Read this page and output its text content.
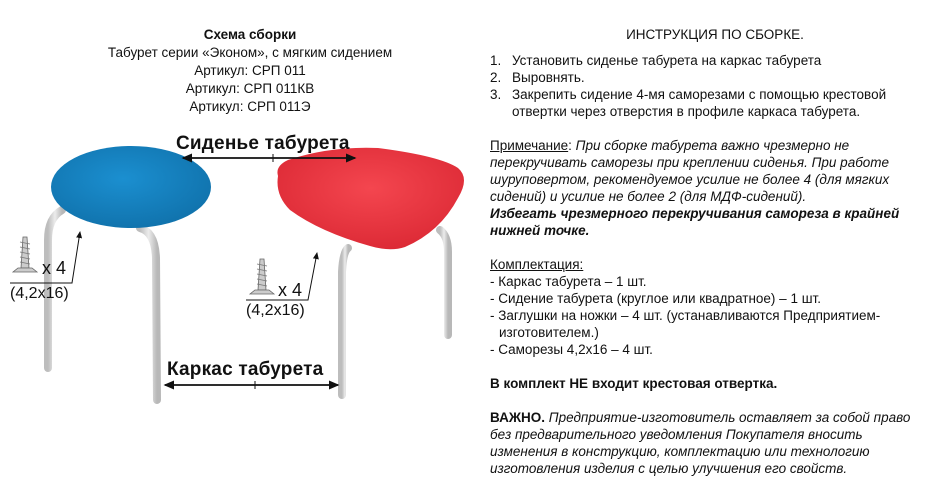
Схема сборки
Табурет серии «Эконом», с мягким сидением
Артикул: СРП 011
Артикул: СРП 011КВ
Артикул: СРП 011Э
Сиденье табурета
Каркас табурета
x 4
(4,2x16)	x 4
(4,2x16)
ИНСТРУКЦИЯ ПО СБОРКЕ.
1. Установить сиденье табурета на каркас табурета
2. Выровнять.
3. Закрепить сидение 4-мя саморезами с помощью крестовой отвертки через отверстия в профиле каркаса табурета.
Примечание: При сборке табурета важно чрезмерно не перекручивать саморезы при креплении сиденья. При работе шуруповертом, рекомендуемое усилие не более 4 (для мягких сидений) и усилие не более 2 (для МДФ-сидений).
Избегать чрезмерного перекручивания самореза в крайней нижней точке.
Комплектация:
- Каркас табурета – 1 шт.
- Сидение табурета (круглое или квадратное) – 1 шт.
- Заглушки на ножки – 4 шт. (устанавливаются Предприятием-
изготовителем.)
- Саморезы 4,2х16 – 4 шт.
В комплект НЕ входит крестовая отвертка.
ВАЖНО. Предприятие-изготовитель оставляет за собой право без предварительного уведомления Покупателя вносить изменения в конструкцию, комплектацию или технологию изготовления изделия с целью улучшения его свойств.
